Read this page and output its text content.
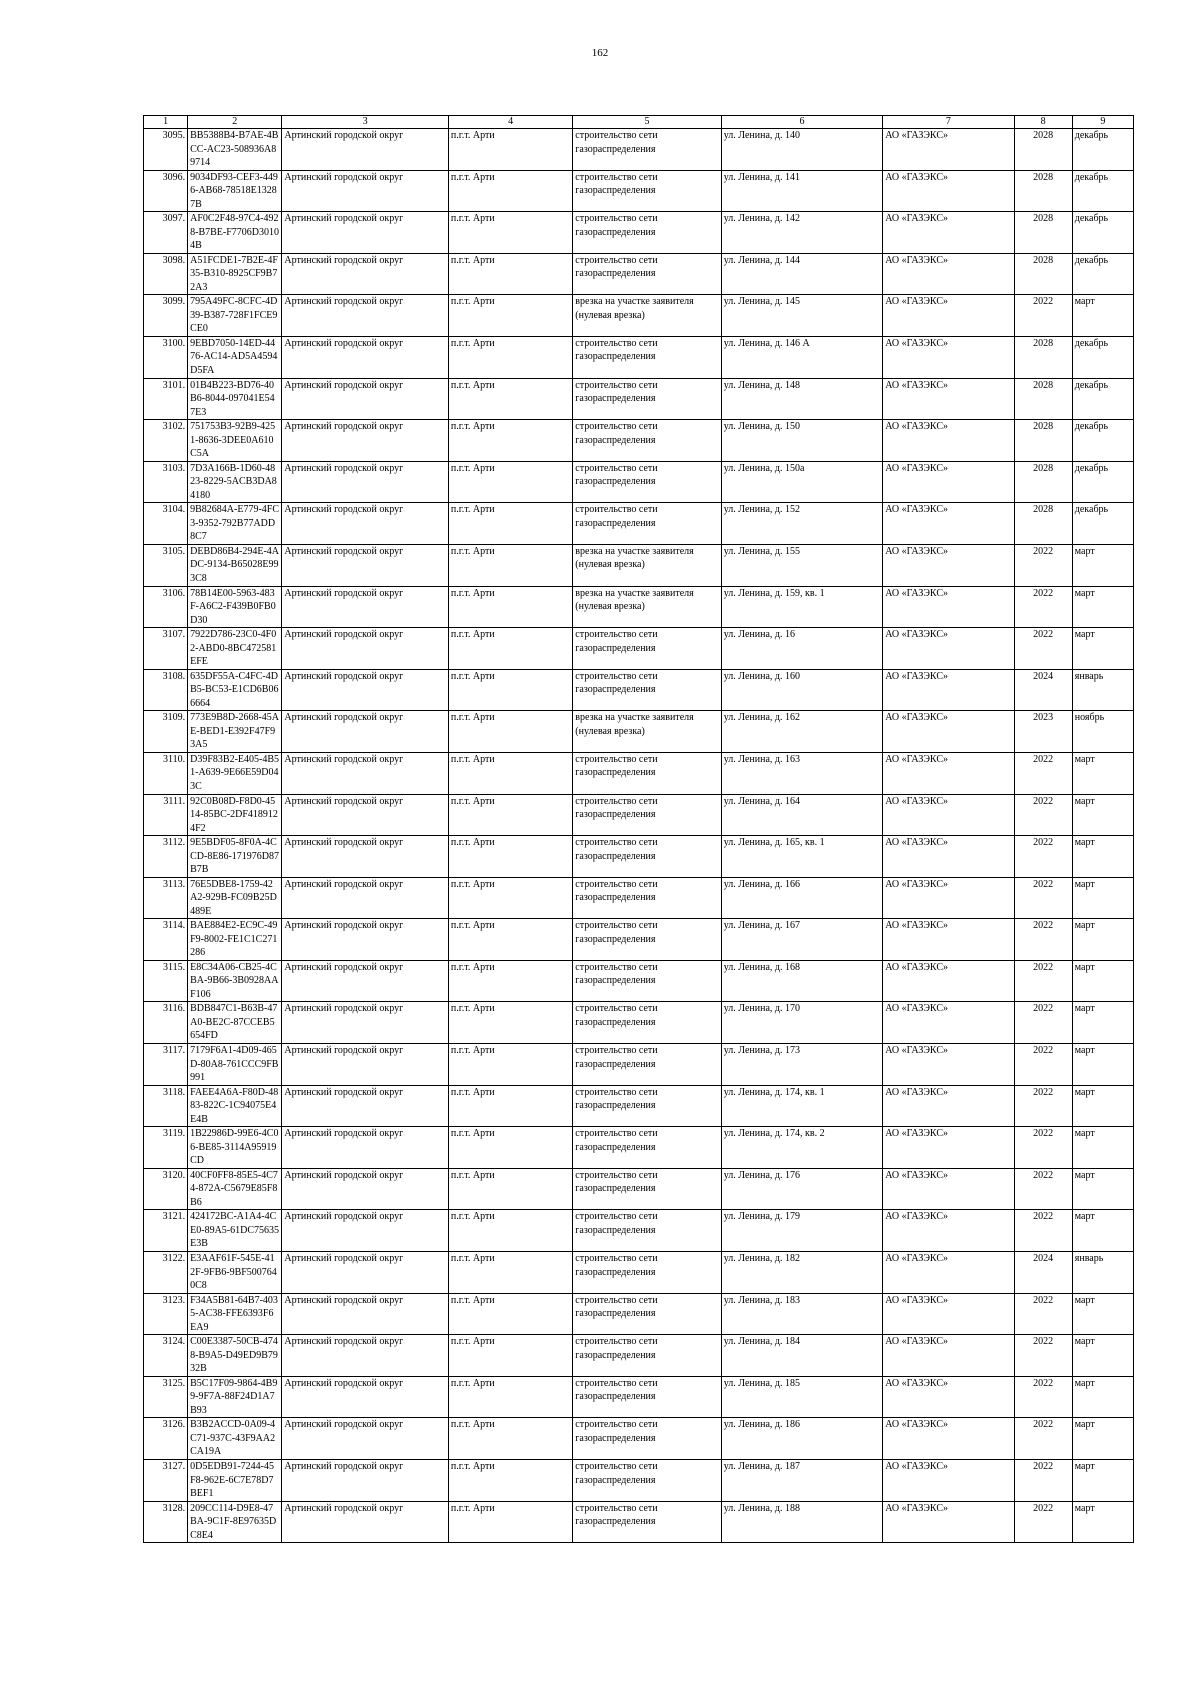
162
1	2	3	4	5	6	7	8	9
3095.	BB5388B4-B7AE-4BCC-AC23-508936A89714	Артинский городской округ	п.г.т. Арти	строительство сети газораспределения	ул. Ленина, д. 140	АО «ГАЗЭКС»	2028	декабрь
3096.	9034DF93-CEF3-4496-AB68-78518E13287B	Артинский городской округ	п.г.т. Арти	строительство сети газораспределения	ул. Ленина, д. 141	АО «ГАЗЭКС»	2028	декабрь
3097.	AF0C2F48-97C4-4928-B7BE-F7706D30104B	Артинский городской округ	п.г.т. Арти	строительство сети газораспределения	ул. Ленина, д. 142	АО «ГАЗЭКС»	2028	декабрь
3098.	A51FCDE1-7B2E-4F35-B310-8925CF9B72A3	Артинский городской округ	п.г.т. Арти	строительство сети газораспределения	ул. Ленина, д. 144	АО «ГАЗЭКС»	2028	декабрь
3099.	795A49FC-8CFC-4D39-B387-728F1FCE9CE0	Артинский городской округ	п.г.т. Арти	врезка на участке заявителя (нулевая врезка)	ул. Ленина, д. 145	АО «ГАЗЭКС»	2022	март
3100.	9EBD7050-14ED-4476-AC14-AD5A4594D5FA	Артинский городской округ	п.г.т. Арти	строительство сети газораспределения	ул. Ленина, д. 146 А	АО «ГАЗЭКС»	2028	декабрь
3101.	01B4B223-BD76-40B6-8044-097041E547E3	Артинский городской округ	п.г.т. Арти	строительство сети газораспределения	ул. Ленина, д. 148	АО «ГАЗЭКС»	2028	декабрь
3102.	751753B3-92B9-4251-8636-3DEE0A610C5A	Артинский городской округ	п.г.т. Арти	строительство сети газораспределения	ул. Ленина, д. 150	АО «ГАЗЭКС»	2028	декабрь
3103.	7D3A166B-1D60-4823-8229-5ACB3DA84180	Артинский городской округ	п.г.т. Арти	строительство сети газораспределения	ул. Ленина, д. 150а	АО «ГАЗЭКС»	2028	декабрь
3104.	9B82684A-E779-4FC3-9352-792B77ADD8C7	Артинский городской округ	п.г.т. Арти	строительство сети газораспределения	ул. Ленина, д. 152	АО «ГАЗЭКС»	2028	декабрь
3105.	DEBD86B4-294E-4ADC-9134-B65028E993C8	Артинский городской округ	п.г.т. Арти	врезка на участке заявителя (нулевая врезка)	ул. Ленина, д. 155	АО «ГАЗЭКС»	2022	март
3106.	78B14E00-5963-483F-A6C2-F439B0FB0D30	Артинский городской округ	п.г.т. Арти	врезка на участке заявителя (нулевая врезка)	ул. Ленина, д. 159, кв. 1	АО «ГАЗЭКС»	2022	март
3107.	7922D786-23C0-4F02-ABD0-8BC472581EFE	Артинский городской округ	п.г.т. Арти	строительство сети газораспределения	ул. Ленина, д. 16	АО «ГАЗЭКС»	2022	март
3108.	635DF55A-C4FC-4DB5-BC53-E1CD6B066664	Артинский городской округ	п.г.т. Арти	строительство сети газораспределения	ул. Ленина, д. 160	АО «ГАЗЭКС»	2024	январь
3109.	773E9B8D-2668-45AE-BED1-E392F47F93A5	Артинский городской округ	п.г.т. Арти	врезка на участке заявителя (нулевая врезка)	ул. Ленина, д. 162	АО «ГАЗЭКС»	2023	ноябрь
3110.	D39F83B2-E405-4B51-A639-9E66E59D043C	Артинский городской округ	п.г.т. Арти	строительство сети газораспределения	ул. Ленина, д. 163	АО «ГАЗЭКС»	2022	март
3111.	92C0B08D-F8D0-4514-85BC-2DF4189124F2	Артинский городской округ	п.г.т. Арти	строительство сети газораспределения	ул. Ленина, д. 164	АО «ГАЗЭКС»	2022	март
3112.	9E5BDF05-8F0A-4CCD-8E86-171976D87B7B	Артинский городской округ	п.г.т. Арти	строительство сети газораспределения	ул. Ленина, д. 165, кв. 1	АО «ГАЗЭКС»	2022	март
3113.	76E5DBE8-1759-42A2-929B-FC09B25D489E	Артинский городской округ	п.г.т. Арти	строительство сети газораспределения	ул. Ленина, д. 166	АО «ГАЗЭКС»	2022	март
3114.	BAE884E2-EC9C-49F9-8002-FE1C1C271286	Артинский городской округ	п.г.т. Арти	строительство сети газораспределения	ул. Ленина, д. 167	АО «ГАЗЭКС»	2022	март
3115.	E8C34A06-CB25-4CBA-9B66-3B0928AAF106	Артинский городской округ	п.г.т. Арти	строительство сети газораспределения	ул. Ленина, д. 168	АО «ГАЗЭКС»	2022	март
3116.	BDB847C1-B63B-47A0-BE2C-87CCEB5654FD	Артинский городской округ	п.г.т. Арти	строительство сети газораспределения	ул. Ленина, д. 170	АО «ГАЗЭКС»	2022	март
3117.	7179F6A1-4D09-465D-80A8-761CCC9FB991	Артинский городской округ	п.г.т. Арти	строительство сети газораспределения	ул. Ленина, д. 173	АО «ГАЗЭКС»	2022	март
3118.	FAEE4A6A-F80D-4883-822C-1C94075E4E4B	Артинский городской округ	п.г.т. Арти	строительство сети газораспределения	ул. Ленина, д. 174, кв. 1	АО «ГАЗЭКС»	2022	март
3119.	1B22986D-99E6-4C06-BE85-3114A95919CD	Артинский городской округ	п.г.т. Арти	строительство сети газораспределения	ул. Ленина, д. 174, кв. 2	АО «ГАЗЭКС»	2022	март
3120.	40CF0FF8-85E5-4C74-872A-C5679E85F8B6	Артинский городской округ	п.г.т. Арти	строительство сети газораспределения	ул. Ленина, д. 176	АО «ГАЗЭКС»	2022	март
3121.	424172BC-A1A4-4CE0-89A5-61DC75635E3B	Артинский городской округ	п.г.т. Арти	строительство сети газораспределения	ул. Ленина, д. 179	АО «ГАЗЭКС»	2022	март
3122.	E3AAF61F-545E-412F-9FB6-9BF5007640C8	Артинский городской округ	п.г.т. Арти	строительство сети газораспределения	ул. Ленина, д. 182	АО «ГАЗЭКС»	2024	январь
3123.	F34A5B81-64B7-4035-AC38-FFE6393F6EA9	Артинский городской округ	п.г.т. Арти	строительство сети газораспределения	ул. Ленина, д. 183	АО «ГАЗЭКС»	2022	март
3124.	C00E3387-50CB-4748-B9A5-D49ED9B7932B	Артинский городской округ	п.г.т. Арти	строительство сети газораспределения	ул. Ленина, д. 184	АО «ГАЗЭКС»	2022	март
3125.	B5C17F09-9864-4B99-9F7A-88F24D1A7B93	Артинский городской округ	п.г.т. Арти	строительство сети газораспределения	ул. Ленина, д. 185	АО «ГАЗЭКС»	2022	март
3126.	B3B2ACCD-0A09-4C71-937C-43F9AA2CA19A	Артинский городской округ	п.г.т. Арти	строительство сети газораспределения	ул. Ленина, д. 186	АО «ГАЗЭКС»	2022	март
3127.	0D5EDB91-7244-45F8-962E-6C7E78D7BEF1	Артинский городской округ	п.г.т. Арти	строительство сети газораспределения	ул. Ленина, д. 187	АО «ГАЗЭКС»	2022	март
3128.	209CC114-D9E8-47BA-9C1F-8E97635DC8E4	Артинский городской округ	п.г.т. Арти	строительство сети газораспределения	ул. Ленина, д. 188	АО «ГАЗЭКС»	2022	март
